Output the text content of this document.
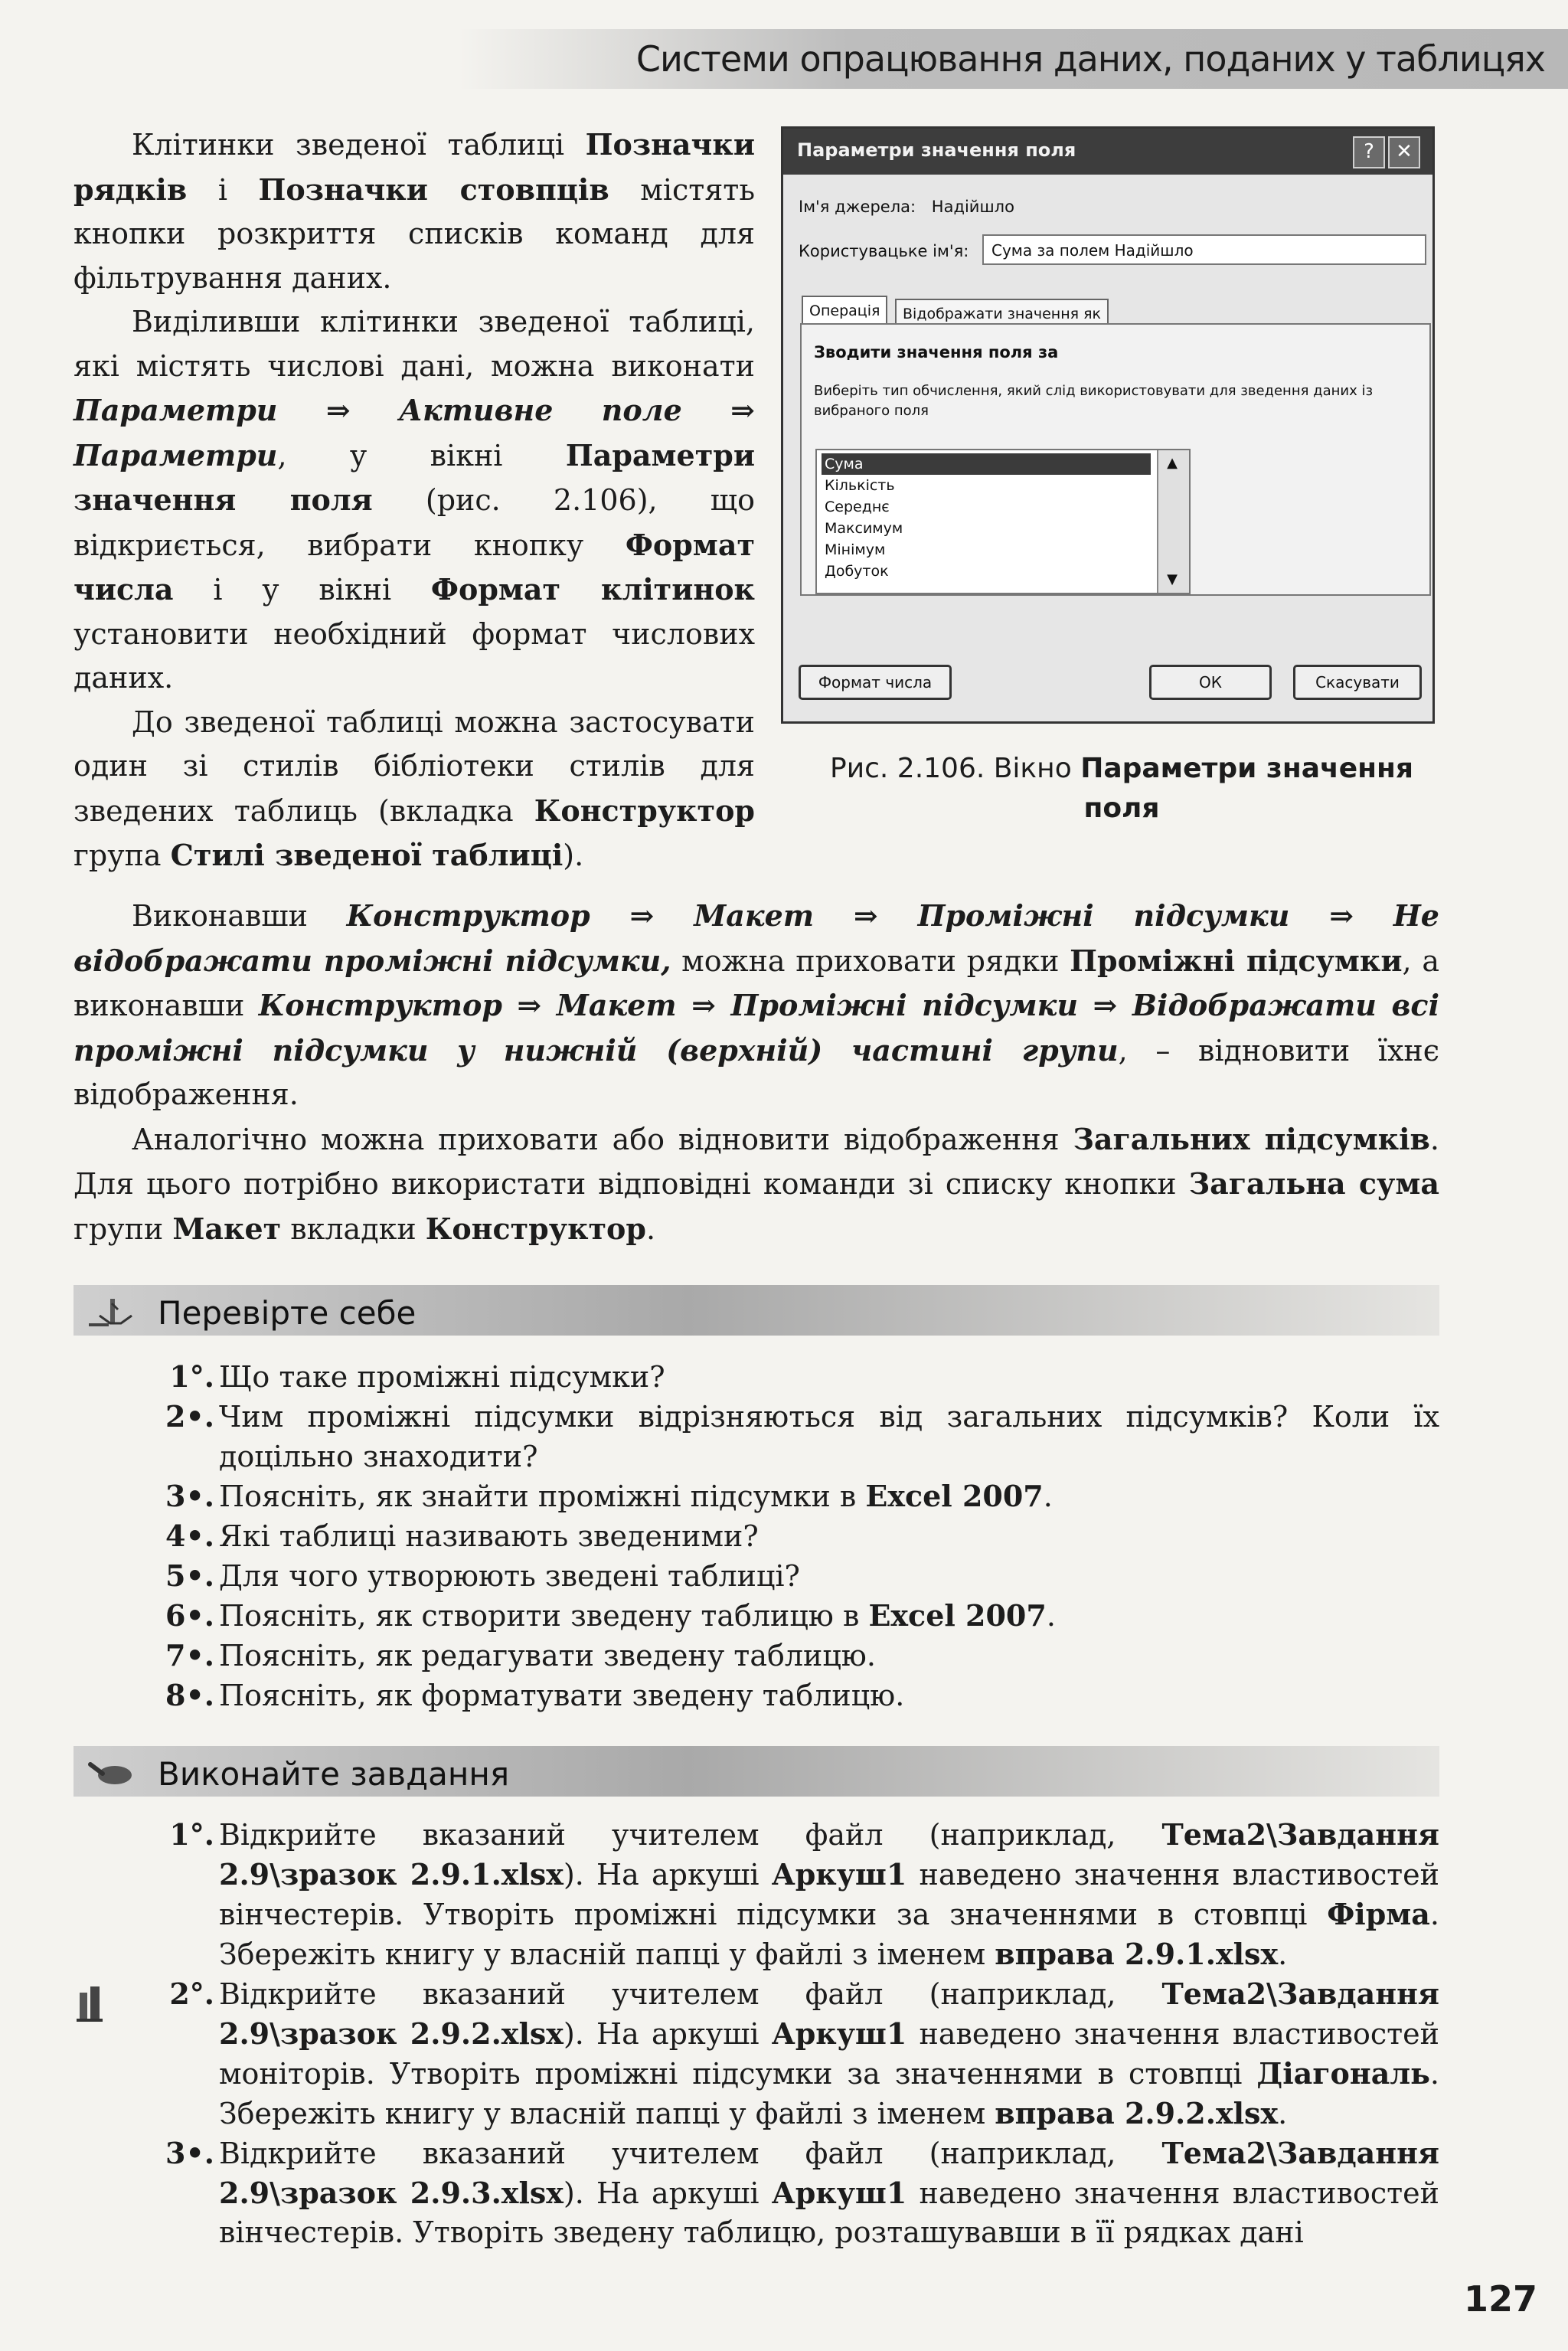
Системи опрацювання даних, поданих у таблицях

Клітинки зведеної таблиці Позначки рядків і Позначки стовпців містять кнопки розкриття списків команд для фільтрування даних.

Виділивши клітинки зведеної таблиці, які містять числові дані, можна виконати Параметри ⇒ Активне поле ⇒ Параметри, у вікні Параметри значення поля (рис. 2.106), що відкриється, вибрати кнопку Формат числа і у вікні Формат клітинок установити необхідний формат числових даних.

До зведеної таблиці можна застосувати один зі стилів бібліотеки стилів для зведених таблиць (вкладка Конструктор група Стилі зведеної таблиці).

Параметри значення поля	?	✕
Ім'я джерела: Надійшло
Користувацьке ім'я:	Сума за полем Надійшло
Операція	Відображати значення як
Зводити значення поля за
Виберіть тип обчислення, який слід використовувати для зведення даних із вибраного поля
Сума
Кількість
Середнє
Максимум
Мінімум
Добуток
▲
▼
Формат числа	ОК	Скасувати
Рис. 2.106. Вікно Параметри значення поля

Виконавши Конструктор ⇒ Макет ⇒ Проміжні підсумки ⇒ Не відображати проміжні підсумки, можна приховати рядки Проміжні підсумки, а виконавши Конструктор ⇒ Макет ⇒ Проміжні підсумки ⇒ Відображати всі проміжні підсумки у нижній (верхній) частині групи, – відновити їхнє відображення.

Аналогічно можна приховати або відновити відображення Загальних підсумків. Для цього потрібно використати відповідні команди зі списку кнопки Загальна сума групи Макет вкладки Конструктор.

Перевірте себе
1°. Що таке проміжні підсумки?
2•. Чим проміжні підсумки відрізняються від загальних підсумків? Коли їх доцільно знаходити?
3•. Поясніть, як знайти проміжні підсумки в Excel 2007.
4•. Які таблиці називають зведеними?
5•. Для чого утворюють зведені таблиці?
6•. Поясніть, як створити зведену таблицю в Excel 2007.
7•. Поясніть, як редагувати зведену таблицю.
8•. Поясніть, як форматувати зведену таблицю.
Виконайте завдання
1°. Відкрийте вказаний учителем файл (наприклад, Тема2\Завдання 2.9\зразок 2.9.1.xlsx). На аркуші Аркуш1 наведено значення властивостей вінчестерів. Утворіть проміжні підсумки за значеннями в стовпці Фірма. Збережіть книгу у власній папці у файлі з іменем вправа 2.9.1.xlsx.
2°. Відкрийте вказаний учителем файл (наприклад, Тема2\Завдання 2.9\зразок 2.9.2.xlsx). На аркуші Аркуш1 наведено значення властивостей моніторів. Утворіть проміжні підсумки за значеннями в стовпці Діагональ. Збережіть книгу у власній папці у файлі з іменем вправа 2.9.2.xlsx.
3•. Відкрийте вказаний учителем файл (наприклад, Тема2\Завдання 2.9\зразок 2.9.3.xlsx). На аркуші Аркуш1 наведено значення властивостей вінчестерів. Утворіть зведену таблицю, розташувавши в її рядках дані
127
